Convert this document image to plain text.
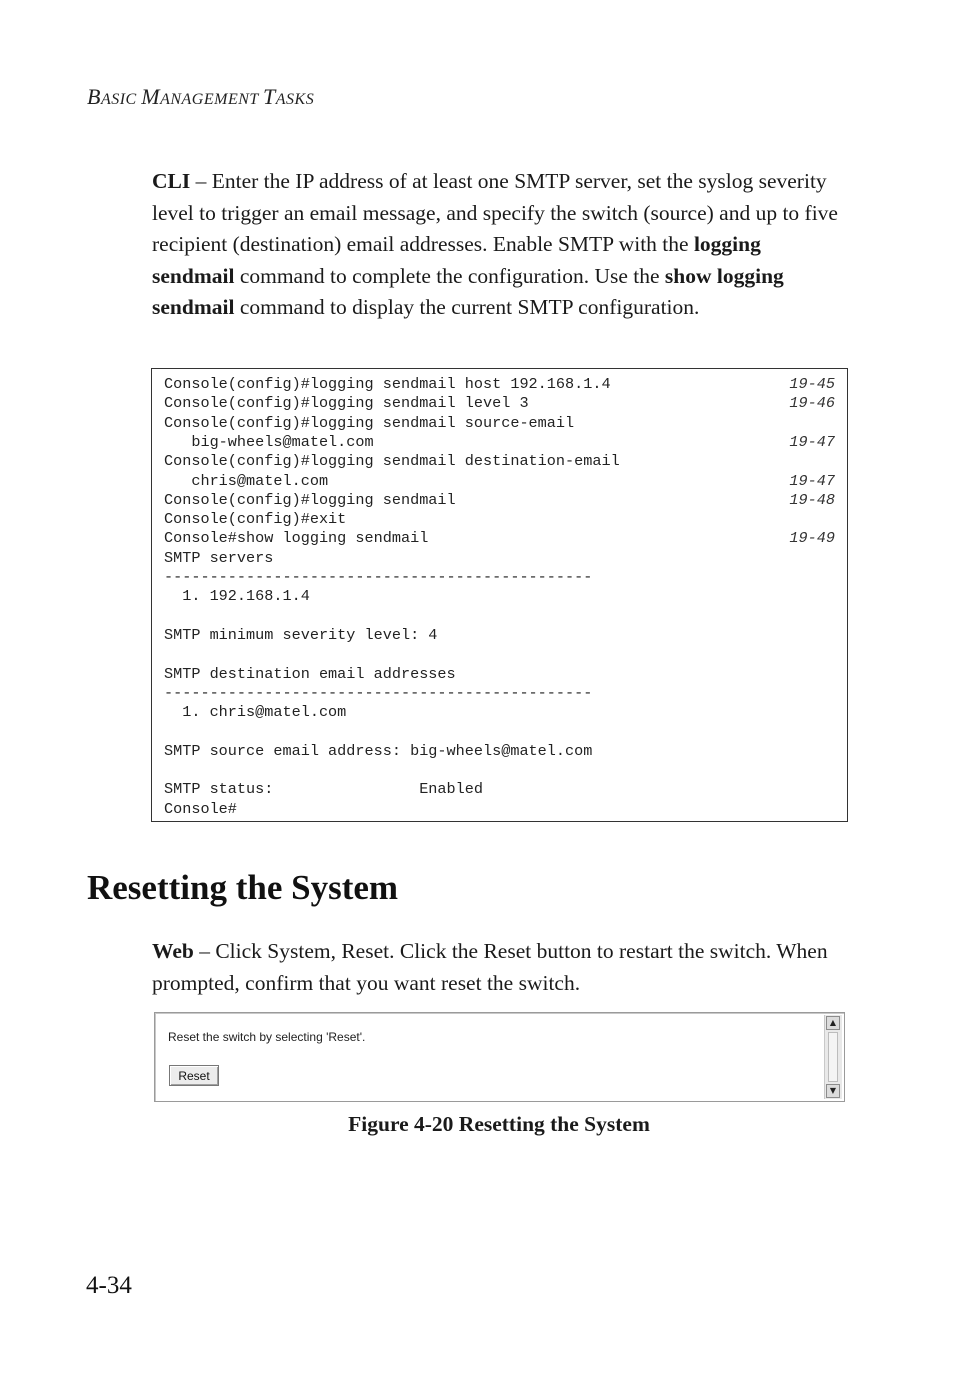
BASIC MANAGEMENT TASKS

CLI – Enter the IP address of at least one SMTP server, set the syslog severity level to trigger an email message, and specify the switch (source) and up to five recipient (destination) email addresses. Enable SMTP with the logging sendmail command to complete the configuration. Use the show logging sendmail command to display the current SMTP configuration.

Console(config)#logging sendmail host 192.168.1.4	19-45
Console(config)#logging sendmail level 3	19-46
Console(config)#logging sendmail source-email
big-wheels@matel.com	19-47
Console(config)#logging sendmail destination-email
chris@matel.com	19-47
Console(config)#logging sendmail	19-48
Console(config)#exit
Console#show logging sendmail	19-49
SMTP servers
-----------------------------------------------
1. 192.168.1.4
SMTP minimum severity level: 4
SMTP destination email addresses
-----------------------------------------------
1. chris@matel.com
SMTP source email address: big-wheels@matel.com
SMTP status:                Enabled
Console#
Resetting the System

Web – Click System, Reset. Click the Reset button to restart the switch. When prompted, confirm that you want reset the switch.

Reset the switch by selecting 'Reset'.
Reset
▲
▼
Figure 4-20 Resetting the System
4-34
